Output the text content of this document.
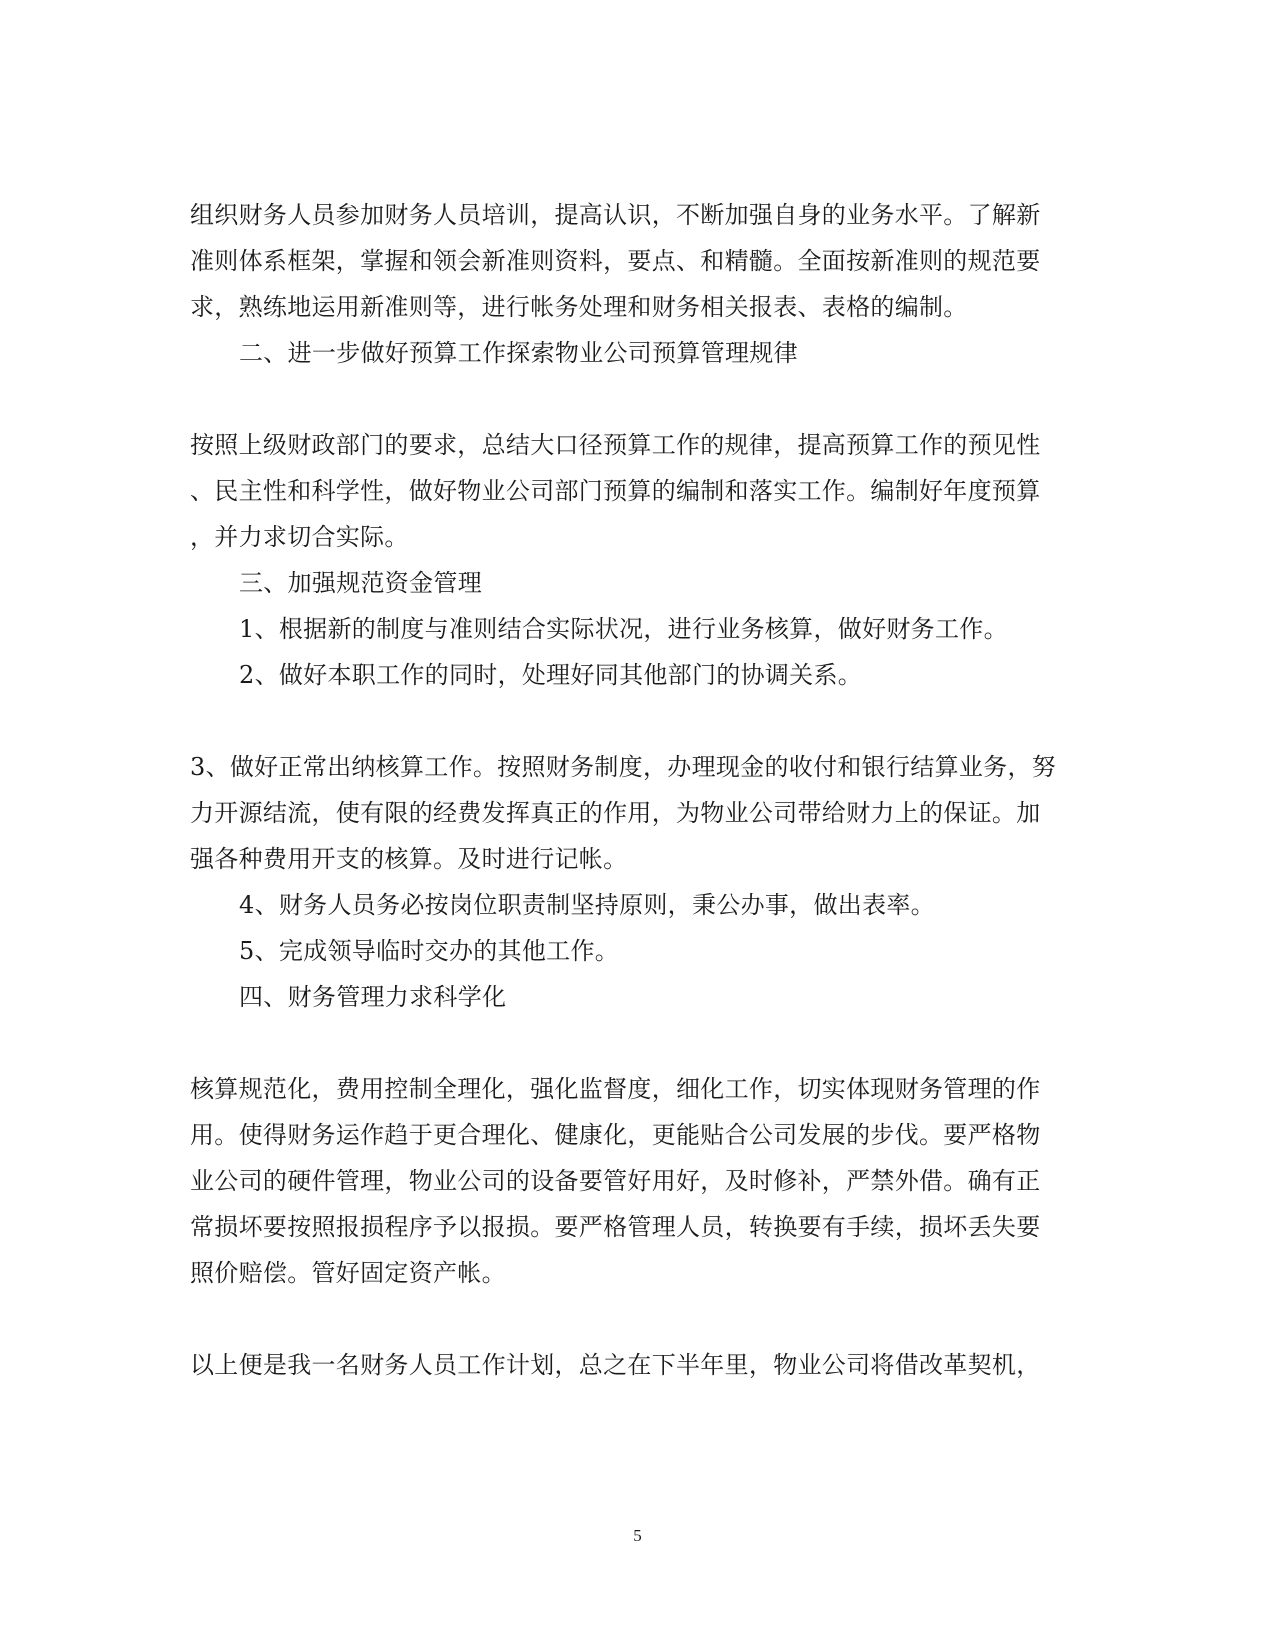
组织财务人员参加财务人员培训，提高认识，不断加强自身的业务水平。了解新
准则体系框架，掌握和领会新准则资料，要点、和精髓。全面按新准则的规范要
求，熟练地运用新准则等，进行帐务处理和财务相关报表、表格的编制。
二、进一步做好预算工作探索物业公司预算管理规律
按照上级财政部门的要求，总结大口径预算工作的规律，提高预算工作的预见性
、民主性和科学性，做好物业公司部门预算的编制和落实工作。编制好年度预算
，并力求切合实际。
三、加强规范资金管理
1、根据新的制度与准则结合实际状况，进行业务核算，做好财务工作。
2、做好本职工作的同时，处理好同其他部门的协调关系。
3、做好正常出纳核算工作。按照财务制度，办理现金的收付和银行结算业务，努
力开源结流，使有限的经费发挥真正的作用，为物业公司带给财力上的保证。加
强各种费用开支的核算。及时进行记帐。
4、财务人员务必按岗位职责制坚持原则，秉公办事，做出表率。
5、完成领导临时交办的其他工作。
四、财务管理力求科学化
核算规范化，费用控制全理化，强化监督度，细化工作，切实体现财务管理的作
用。使得财务运作趋于更合理化、健康化，更能贴合公司发展的步伐。要严格物
业公司的硬件管理，物业公司的设备要管好用好，及时修补，严禁外借。确有正
常损坏要按照报损程序予以报损。要严格管理人员，转换要有手续，损坏丢失要
照价赔偿。管好固定资产帐。
以上便是我一名财务人员工作计划，总之在下半年里，物业公司将借改革契机，
5
